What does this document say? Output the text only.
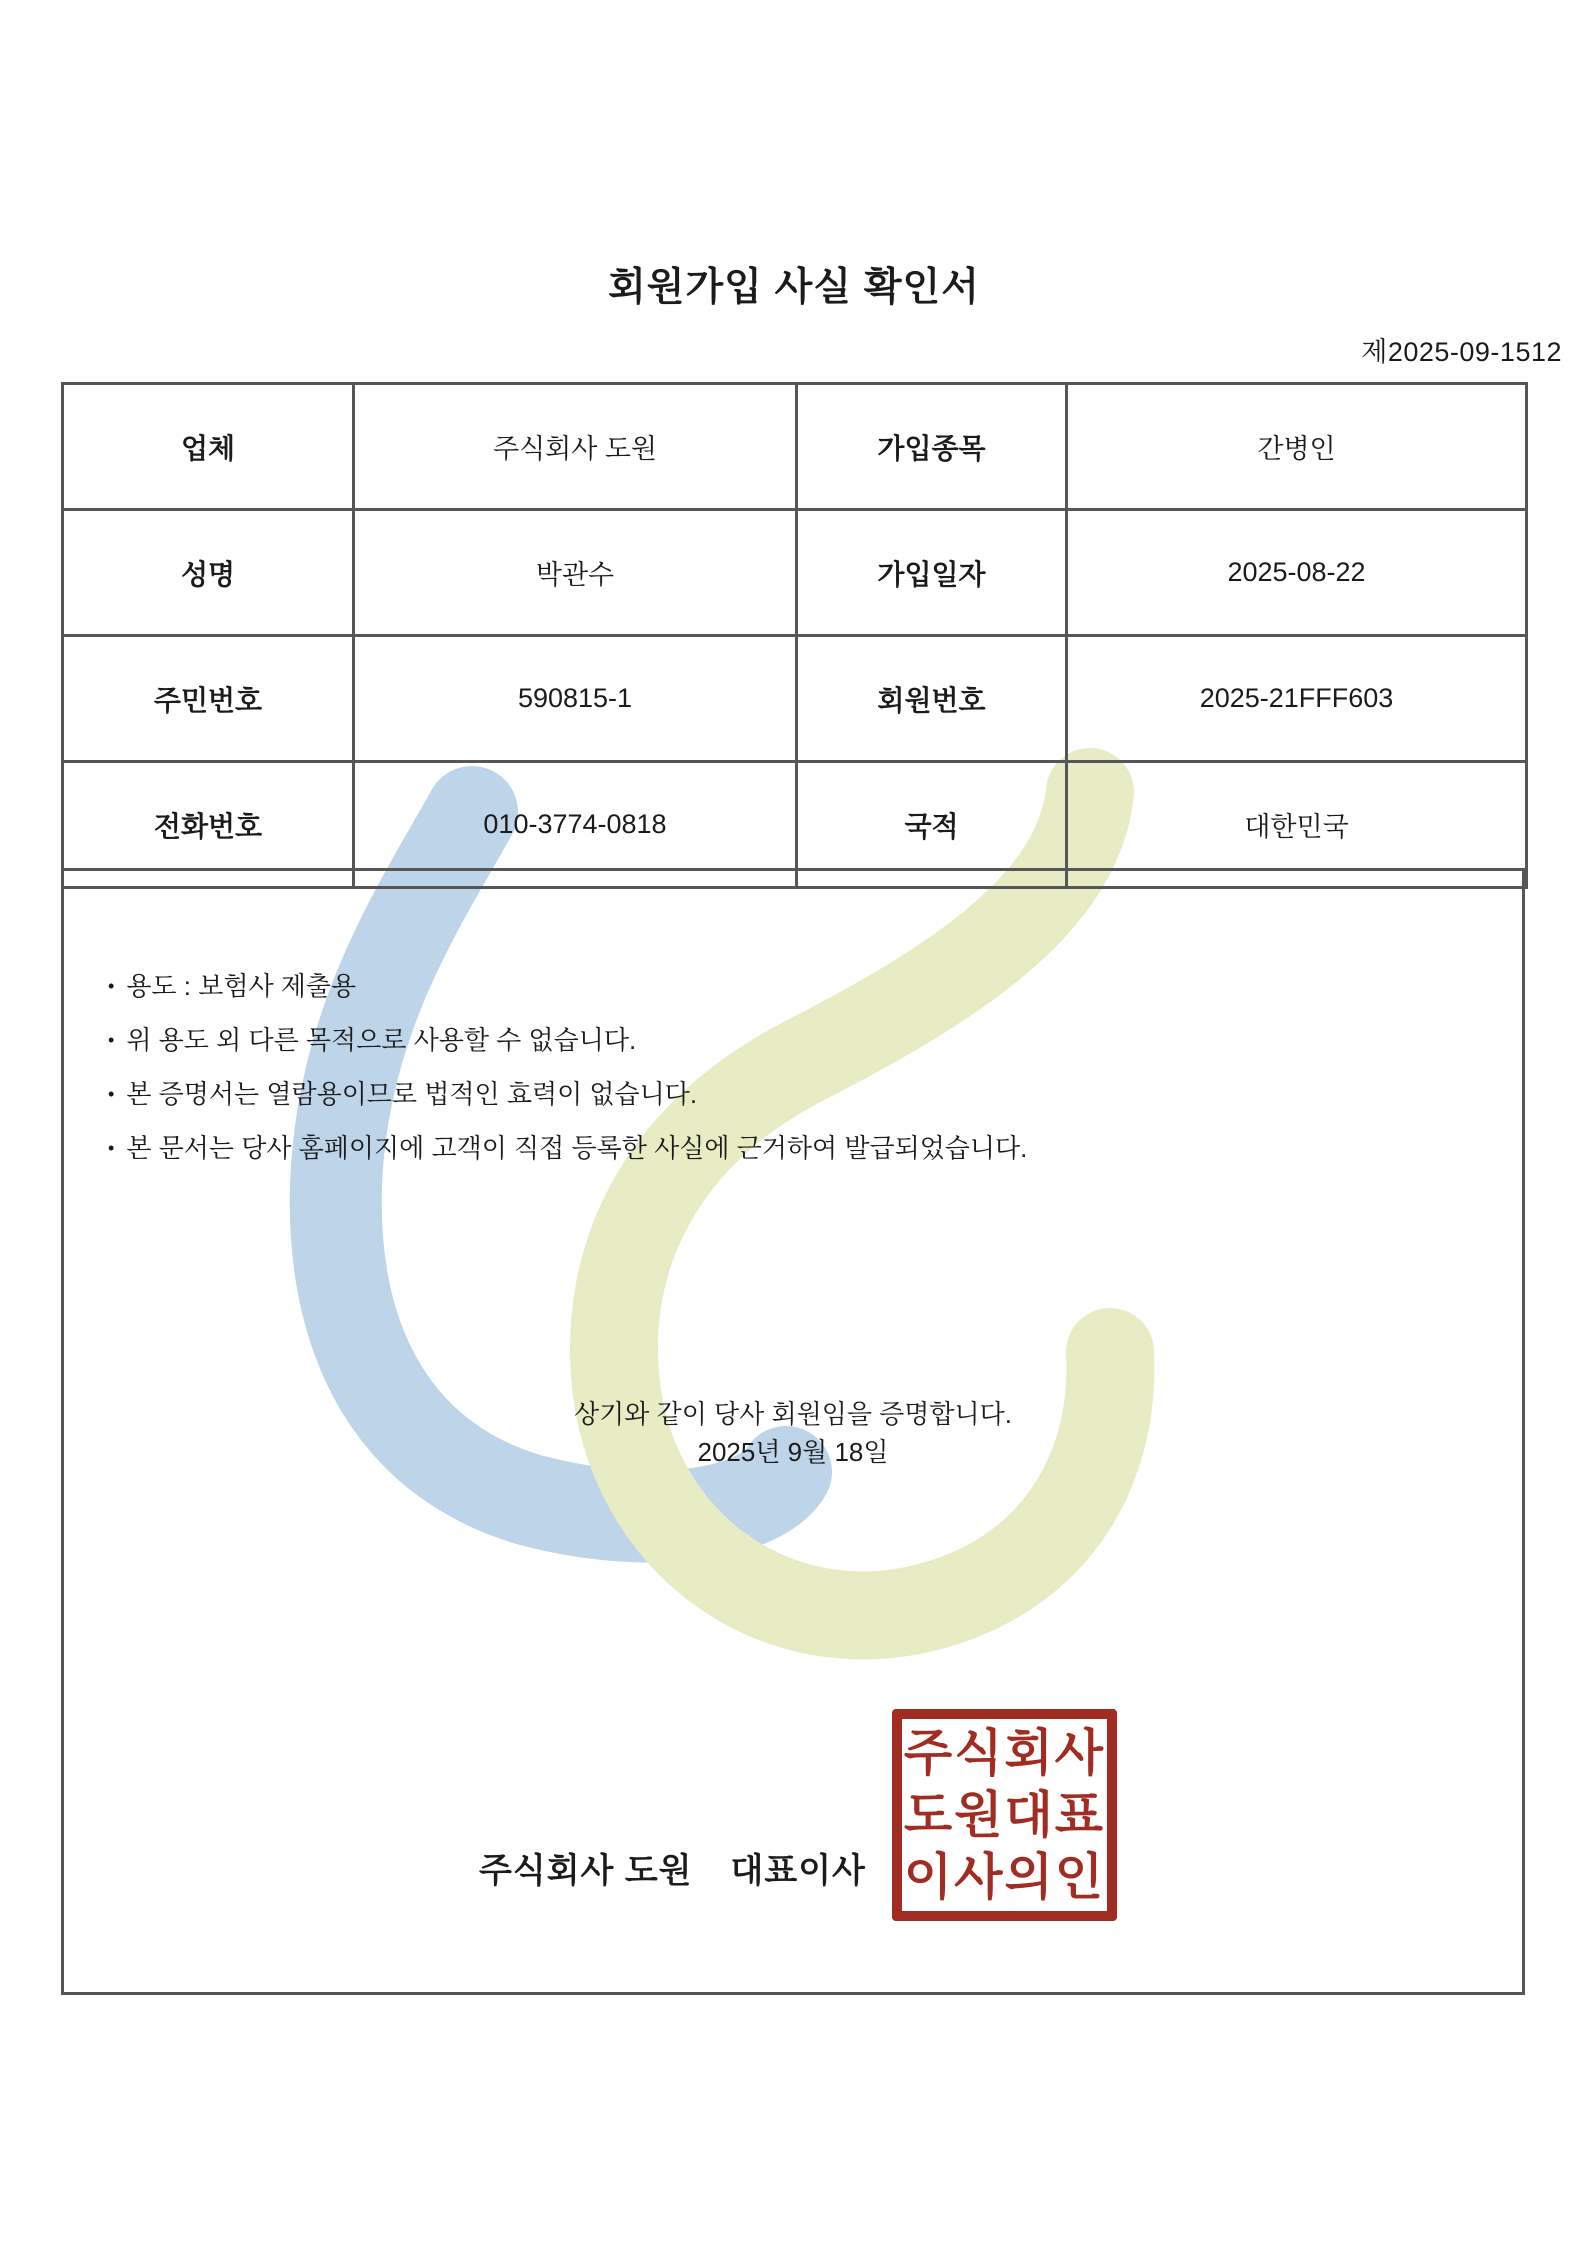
회원가입 사실 확인서
제2025-09-1512
업체	주식회사 도원	가입종목	간병인
성명	박관수	가입일자	2025-08-22
주민번호	590815-1	회원번호	2025-21FFF603
전화번호	010-3774-0818	국적	대한민국
• 용도 : 보험사 제출용
• 위 용도 외 다른 목적으로 사용할 수 없습니다.
• 본 증명서는 열람용이므로 법적인 효력이 없습니다.
• 본 문서는 당사 홈페이지에 고객이 직접 등록한 사실에 근거하여 발급되었습니다.
상기와 같이 당사 회원임을 증명합니다.
2025년 9월 18일
주식회사 도원 대표이사
주식회사
도원대표
이사의인
